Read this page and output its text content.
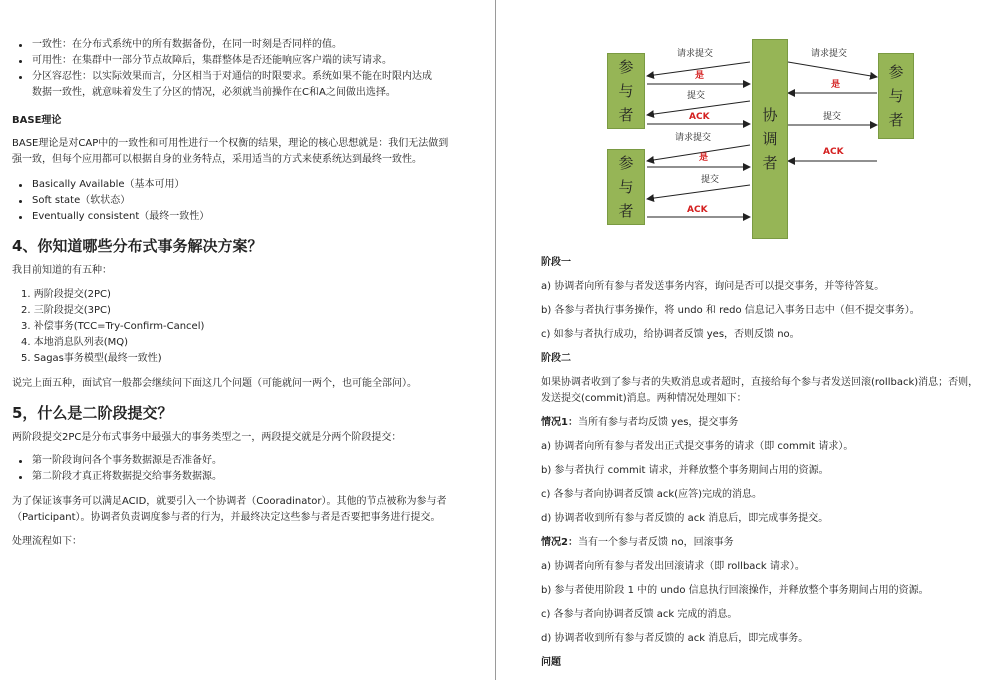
一致性：在分布式系统中的所有数据备份，在同一时刻是否同样的值。
可用性：在集群中一部分节点故障后，集群整体是否还能响应客户端的读写请求。
分区容忍性：以实际效果而言，分区相当于对通信的时限要求。系统如果不能在时限内达成

数据一致性，就意味着发生了分区的情况，必须就当前操作在C和A之间做出选择。

BASE理论

BASE理论是对CAP中的一致性和可用性进行一个权衡的结果，理论的核心思想就是：我们无法做到

强一致，但每个应用都可以根据自身的业务特点，采用适当的方式来使系统达到最终一致性。

Basically Available（基本可用）
Soft state（软状态）
Eventually consistent（最终一致性）

4、你知道哪些分布式事务解决方案？

我目前知道的有五种：

1. 两阶段提交(2PC)
2. 三阶段提交(3PC)
3. 补偿事务(TCC=Try-Confirm-Cancel)
4. 本地消息队列表(MQ)
5. Sagas事务模型(最终一致性)

说完上面五种，面试官一般都会继续问下面这几个问题（可能就问一两个，也可能全部问）。

5，什么是二阶段提交？

两阶段提交2PC是分布式事务中最强大的事务类型之一，两段提交就是分两个阶段提交：

第一阶段询问各个事务数据源是否准备好。
第二阶段才真正将数据提交给事务数据源。

为了保证该事务可以满足ACID，就要引入一个协调者（Cooradinator）。其他的节点被称为参与者

（Participant）。协调者负责调度参与者的行为，并最终决定这些参与者是否要把事务进行提交。

处理流程如下：

参
与
者
参
与
者
协
调
者
参
与
者
请求提交
是
提交
ACK
请求提交
是
提交
ACK
请求提交
是
提交
ACK

阶段一

a) 协调者向所有参与者发送事务内容，询问是否可以提交事务，并等待答复。

b) 各参与者执行事务操作，将 undo 和 redo 信息记入事务日志中（但不提交事务）。

c) 如参与者执行成功，给协调者反馈 yes，否则反馈 no。

阶段二

如果协调者收到了参与者的失败消息或者超时，直接给每个参与者发送回滚(rollback)消息；否则，

发送提交(commit)消息。两种情况处理如下：

情况1：当所有参与者均反馈 yes，提交事务

a) 协调者向所有参与者发出正式提交事务的请求（即 commit 请求）。

b) 参与者执行 commit 请求，并释放整个事务期间占用的资源。

c) 各参与者向协调者反馈 ack(应答)完成的消息。

d) 协调者收到所有参与者反馈的 ack 消息后，即完成事务提交。

情况2：当有一个参与者反馈 no，回滚事务

a) 协调者向所有参与者发出回滚请求（即 rollback 请求）。

b) 参与者使用阶段 1 中的 undo 信息执行回滚操作，并释放整个事务期间占用的资源。

c) 各参与者向协调者反馈 ack 完成的消息。

d) 协调者收到所有参与者反馈的 ack 消息后，即完成事务。

问题
